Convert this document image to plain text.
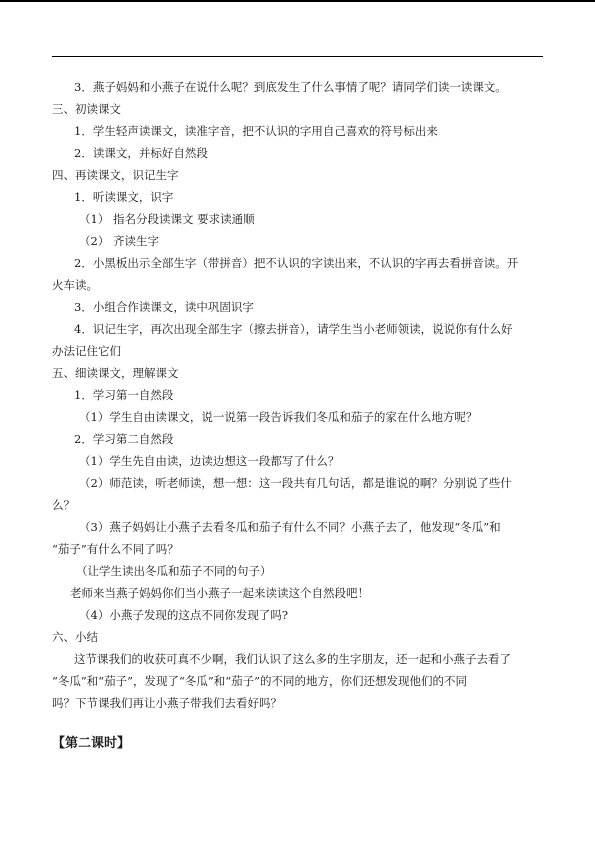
3．燕子妈妈和小燕子在说什么呢？到底发生了什么事情了呢？请同学们读一读课文。

三、初读课文

1．学生轻声读课文，读准字音，把不认识的字用自己喜欢的符号标出来

2．读课文，并标好自然段

四、再读课文，识记生字

1．听读课文，识字

（1） 指名分段读课文 要求读通顺

（2） 齐读生字

2．小黑板出示全部生字（带拼音）把不认识的字读出来，不认识的字再去看拼音读。开

火车读。

3．小组合作读课文，读中巩固识字

4．识记生字，再次出现全部生字（擦去拼音），请学生当小老师领读，说说你有什么好

办法记住它们

五、细读课文，理解课文

1．学习第一自然段

（1）学生自由读课文，说一说第一段告诉我们冬瓜和茄子的家在什么地方呢？

2．学习第二自然段

（1）学生先自由读，边读边想这一段都写了什么？

（2）师范读，听老师读，想一想：这一段共有几句话，都是谁说的啊？分别说了些什

么？

（3）燕子妈妈让小燕子去看冬瓜和茄子有什么不同？小燕子去了，他发现“冬瓜”和

“茄子”有什么不同了吗？

（让学生读出冬瓜和茄子不同的句子）

老师来当燕子妈妈你们当小燕子一起来读读这个自然段吧！

（4）小燕子发现的这点不同你发现了吗?

六、小结

这节课我们的收获可真不少啊，我们认识了这么多的生字朋友，还一起和小燕子去看了

“冬瓜”和“茄子”，发现了“冬瓜”和“茄子”的不同的地方，你们还想发现他们的不同

吗？下节课我们再让小燕子带我们去看好吗？

【第二课时】
